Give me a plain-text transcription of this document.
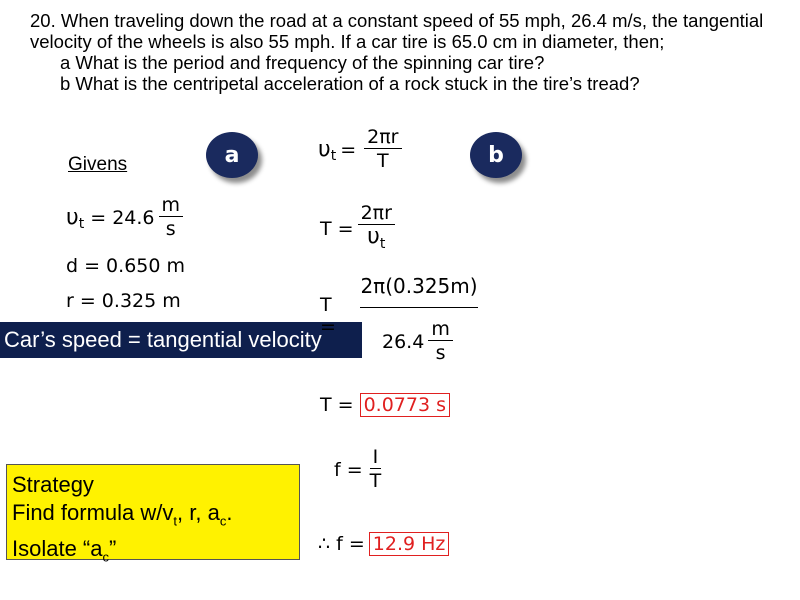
20. When traveling down the road at a constant speed of 55 mph, 26.4 m/s, the tangential velocity of the wheels is also 55 mph. If a car tire is 65.0 cm in diameter, then;
a What is the period and frequency of the spinning car tire?
b What is the centripetal acceleration of a rock stuck in the tire’s tread?
a	b
Givens
$\upsilon_t = 24.6 \frac{m}{s}$
d = 0.650 m
r = 0.325 m
Car’s speed = tangential velocity
Strategy
Find formula $w/v_t$, r, $a_c$.
Isolate “$a_c$”
$\upsilon_t = \frac{2\pi r}{T}$
$T = \frac{2\pi r}{\upsilon_t}$
T =
2π(0.325m)
$26.4 \frac{m}{s}$
T = 0.0773 s
$f = \frac{I}{T}$
∴ f = 12.9 Hz
